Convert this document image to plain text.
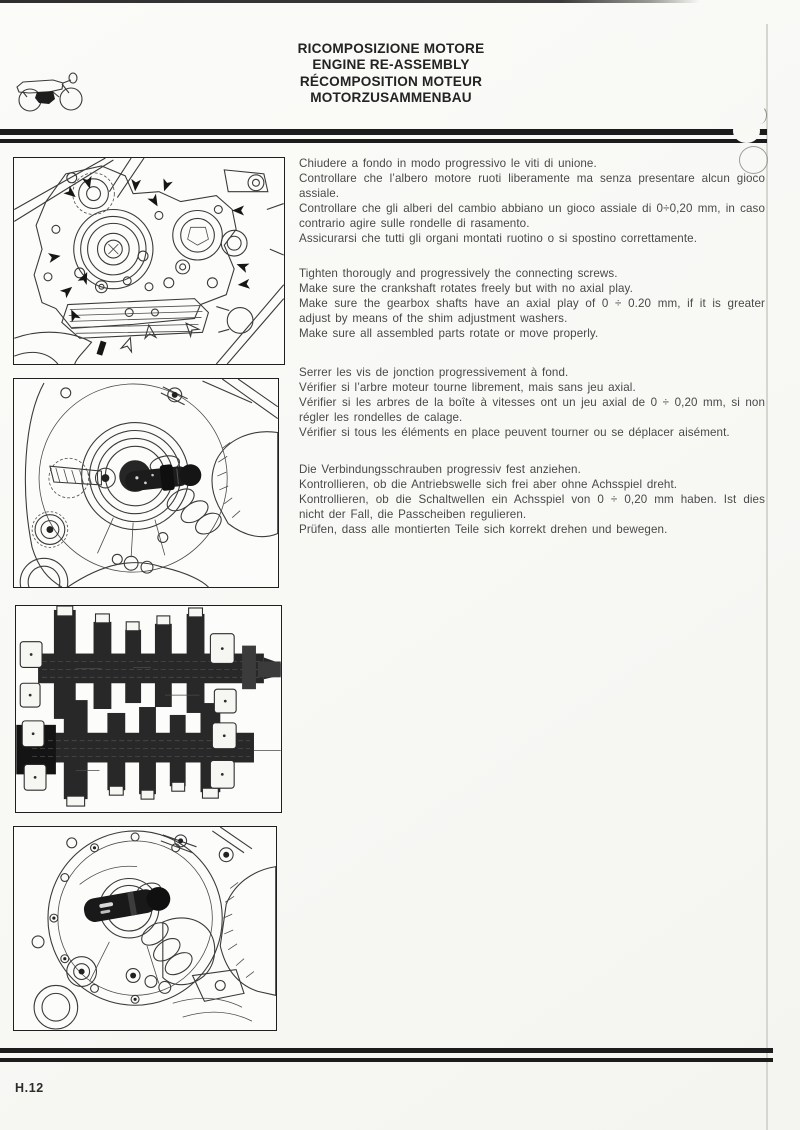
RICOMPOSIZIONE MOTORE
ENGINE RE-ASSEMBLY
RÉCOMPOSITION MOTEUR
MOTORZUSAMMENBAU

Chiudere a fondo in modo progressivo le viti di unione.

Controllare che l’albero motore ruoti liberamente ma senza presentare alcun gioco assiale.

Controllare che gli alberi del cambio abbiano un gioco assiale di 0÷0,20 mm, in caso contrario agire sulle rondelle di rasamento.

Assicurarsi che tutti gli organi montati ruotino o si spostino correttamente.

Tighten thorougly and progressively the connecting screws.

Make sure the crankshaft rotates freely but with no axial play.

Make sure the gearbox shafts have an axial play of 0 ÷ 0.20 mm, if it is greater adjust by means of the shim adjustment washers.

Make sure all assembled parts rotate or move properly.

Serrer les vis de jonction progressivement à fond.

Vérifier si l’arbre moteur tourne librement, mais sans jeu axial.

Vérifier si les arbres de la boîte à vitesses ont un jeu axial de 0 ÷ 0,20 mm, si non régler les rondelles de calage.

Vérifier si tous les éléments en place peuvent tourner ou se déplacer aisément.

Die Verbindungsschrauben progressiv fest anziehen.

Kontrollieren, ob die Antriebswelle sich frei aber ohne Achsspiel dreht.

Kontrollieren, ob die Schaltwellen ein Achsspiel von 0 ÷ 0,20 mm haben. Ist dies nicht der Fall, die Passcheiben regulieren.

Prüfen, dass alle montierten Teile sich korrekt drehen und bewegen.

H.12
